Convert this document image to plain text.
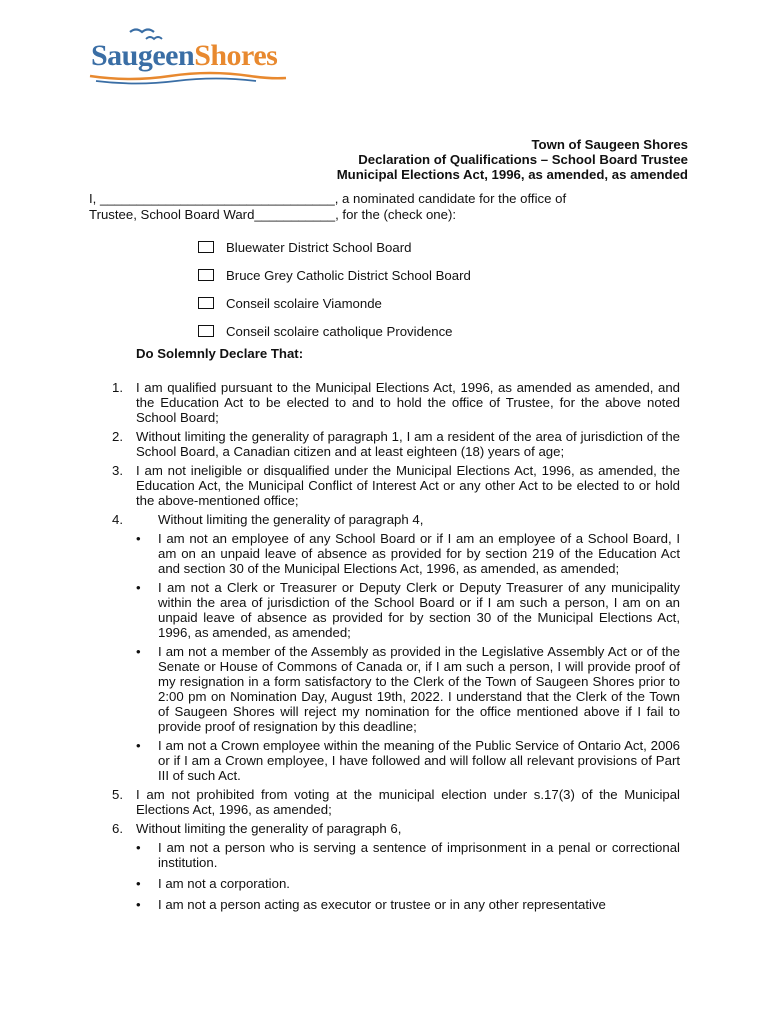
SaugeenShores
Town of Saugeen Shores
Declaration of Qualifications – School Board Trustee
Municipal Elections Act, 1996, as amended, as amended
I, ________________________________, a nominated candidate for the office of
Trustee, School Board Ward___________, for the (check one):
Bluewater District School Board
Bruce Grey Catholic District School Board
Conseil scolaire Viamonde
Conseil scolaire catholique Providence
Do Solemnly Declare That:
1. I am qualified pursuant to the Municipal Elections Act, 1996, as amended as amended, and the Education Act to be elected to and to hold the office of Trustee, for the above noted School Board;
2. Without limiting the generality of paragraph 1, I am a resident of the area of jurisdiction of the School Board, a Canadian citizen and at least eighteen (18) years of age;
3. I am not ineligible or disqualified under the Municipal Elections Act, 1996, as amended, the Education Act, the Municipal Conflict of Interest Act or any other Act to be elected to or hold the above-mentioned office;
4.	Without limiting the generality of paragraph 4,
•	I am not an employee of any School Board or if I am an employee of a School Board, I am on an unpaid leave of absence as provided for by section 219 of the Education Act and section 30 of the Municipal Elections Act, 1996, as amended, as amended;
•	I am not a Clerk or Treasurer or Deputy Clerk or Deputy Treasurer of any municipality within the area of jurisdiction of the School Board or if I am such a person, I am on an unpaid leave of absence as provided for by section 30 of the Municipal Elections Act, 1996, as amended, as amended;
•	I am not a member of the Assembly as provided in the Legislative Assembly Act or of the Senate or House of Commons of Canada or, if I am such a person, I will provide proof of my resignation in a form satisfactory to the Clerk of the Town of Saugeen Shores prior to 2:00 pm on Nomination Day, August 19th, 2022. I understand that the Clerk of the Town of Saugeen Shores will reject my nomination for the office mentioned above if I fail to provide proof of resignation by this deadline;
•	I am not a Crown employee within the meaning of the Public Service of Ontario Act, 2006 or if I am a Crown employee, I have followed and will follow all relevant provisions of Part III of such Act.
5. I am not prohibited from voting at the municipal election under s.17(3) of the Municipal Elections Act, 1996, as amended;
6. Without limiting the generality of paragraph 6,
•	I am not a person who is serving a sentence of imprisonment in a penal or correctional institution.
•	I am not a corporation.
•	I am not a person acting as executor or trustee or in any other representative
